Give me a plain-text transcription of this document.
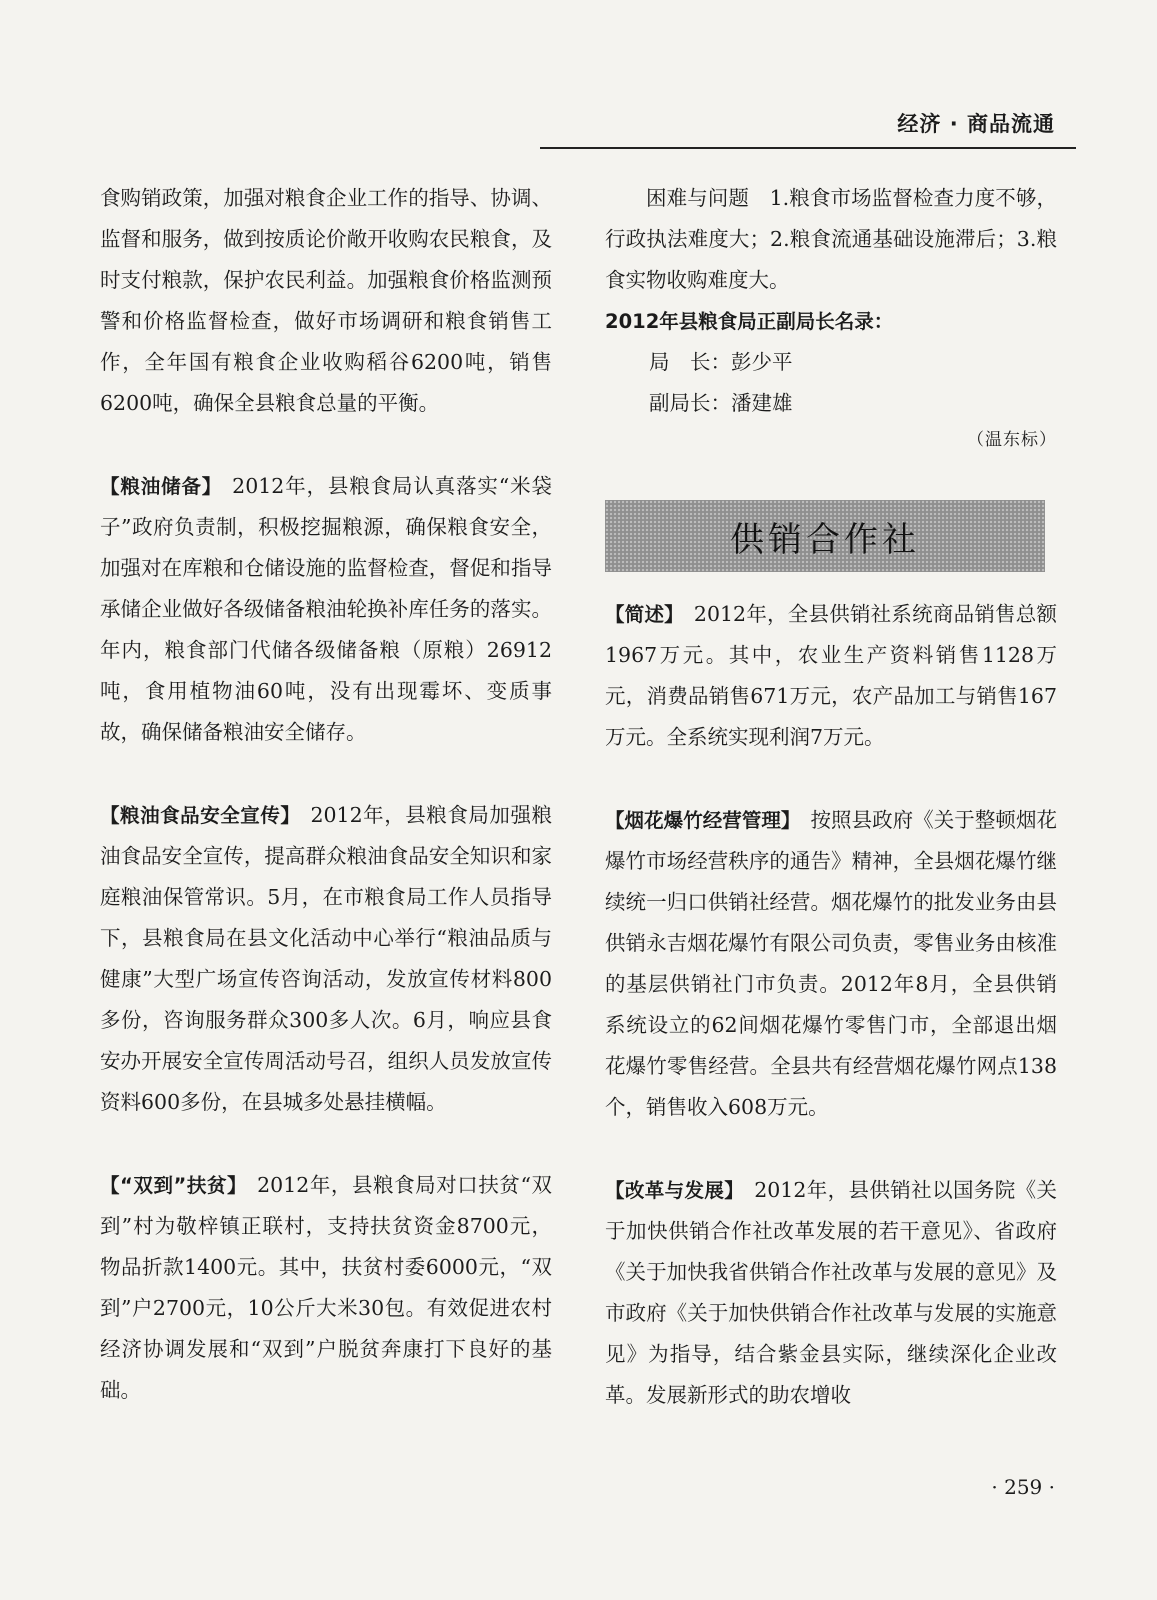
经济 · 商品流通

食购销政策，加强对粮食企业工作的指导、协调、监督和服务，做到按质论价敞开收购农民粮食，及时支付粮款，保护农民利益。加强粮食价格监测预警和价格监督检查，做好市场调研和粮食销售工作，全年国有粮食企业收购稻谷6200吨，销售6200吨，确保全县粮食总量的平衡。

【粮油储备】 2012年，县粮食局认真落实“米袋子”政府负责制，积极挖掘粮源，确保粮食安全，加强对在库粮和仓储设施的监督检查，督促和指导承储企业做好各级储备粮油轮换补库任务的落实。年内，粮食部门代储各级储备粮（原粮）26912吨，食用植物油60吨，没有出现霉坏、变质事故，确保储备粮油安全储存。

【粮油食品安全宣传】 2012年，县粮食局加强粮油食品安全宣传，提高群众粮油食品安全知识和家庭粮油保管常识。5月，在市粮食局工作人员指导下，县粮食局在县文化活动中心举行“粮油品质与健康”大型广场宣传咨询活动，发放宣传材料800多份，咨询服务群众300多人次。6月，响应县食安办开展安全宣传周活动号召，组织人员发放宣传资料600多份，在县城多处悬挂横幅。

【“双到”扶贫】 2012年，县粮食局对口扶贫“双到”村为敬梓镇正联村，支持扶贫资金8700元，物品折款1400元。其中，扶贫村委6000元，“双到”户2700元，10公斤大米30包。有效促进农村经济协调发展和“双到”户脱贫奔康打下良好的基础。

困难与问题　1.粮食市场监督检查力度不够，行政执法难度大；2.粮食流通基础设施滞后；3.粮食实物收购难度大。

2012年县粮食局正副局长名录：

局　长：彭少平
副局长：潘建雄
（温东标）
供销合作社

【简述】 2012年，全县供销社系统商品销售总额1967万元。其中，农业生产资料销售1128万元，消费品销售671万元，农产品加工与销售167万元。全系统实现利润7万元。

【烟花爆竹经营管理】 按照县政府《关于整顿烟花爆竹市场经营秩序的通告》精神，全县烟花爆竹继续统一归口供销社经营。烟花爆竹的批发业务由县供销永吉烟花爆竹有限公司负责，零售业务由核准的基层供销社门市负责。2012年8月，全县供销系统设立的62间烟花爆竹零售门市，全部退出烟花爆竹零售经营。全县共有经营烟花爆竹网点138个，销售收入608万元。

【改革与发展】 2012年，县供销社以国务院《关于加快供销合作社改革发展的若干意见》、省政府《关于加快我省供销合作社改革与发展的意见》及市政府《关于加快供销合作社改革与发展的实施意见》为指导，结合紫金县实际，继续深化企业改革。发展新形式的助农增收

· 259 ·
